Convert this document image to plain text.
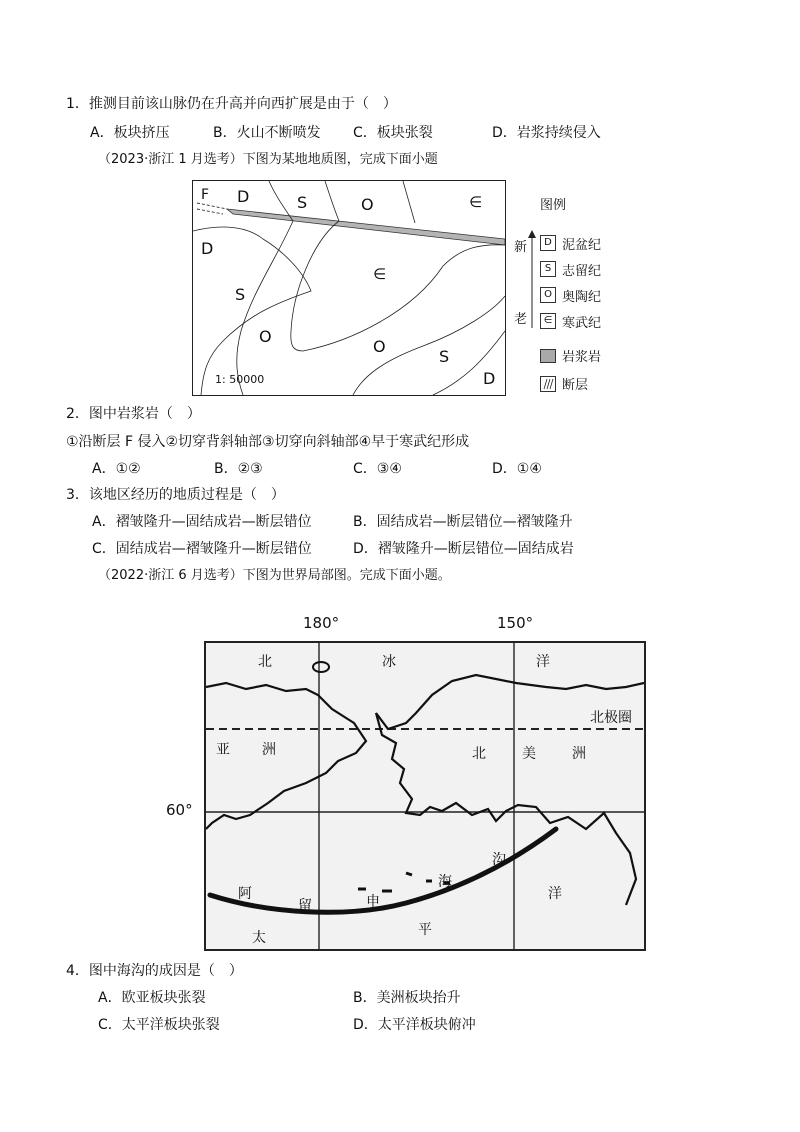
1．推测目前该山脉仍在升高并向西扩展是由于（　）
A．板块挤压	B．火山不断喷发 C．板块张裂	D．岩浆持续侵入
（2023·浙江 1 月选考）下图为某地地质图，完成下面小题
F D	S	O	∈
D
S
∈
O
O
S
D
1: 50000
图例
新
老
D 泥盆纪
S 志留纪
O 奥陶纪
∈ 寒武纪
岩浆岩
断层
2．图中岩浆岩（　）
①沿断层 F 侵入②切穿背斜轴部③切穿向斜轴部④早于寒武纪形成
A．①②	B．②③	C．③④	D．①④
3．该地区经历的地质过程是（　）
A．褶皱隆升—固结成岩—断层错位	B．固结成岩—断层错位—褶皱隆升
C．固结成岩—褶皱隆升—断层错位	D．褶皱隆升—断层错位—固结成岩
（2022·浙江 6 月选考）下图为世界局部图。完成下面小题。
180°	150°
60°
北	冰	洋
北极圈
亚 洲	北	美	洲
阿
留	申
海
沟
太	平
洋
4．图中海沟的成因是（　）
A．欧亚板块张裂	B．美洲板块抬升
C．太平洋板块张裂	D．太平洋板块俯冲
